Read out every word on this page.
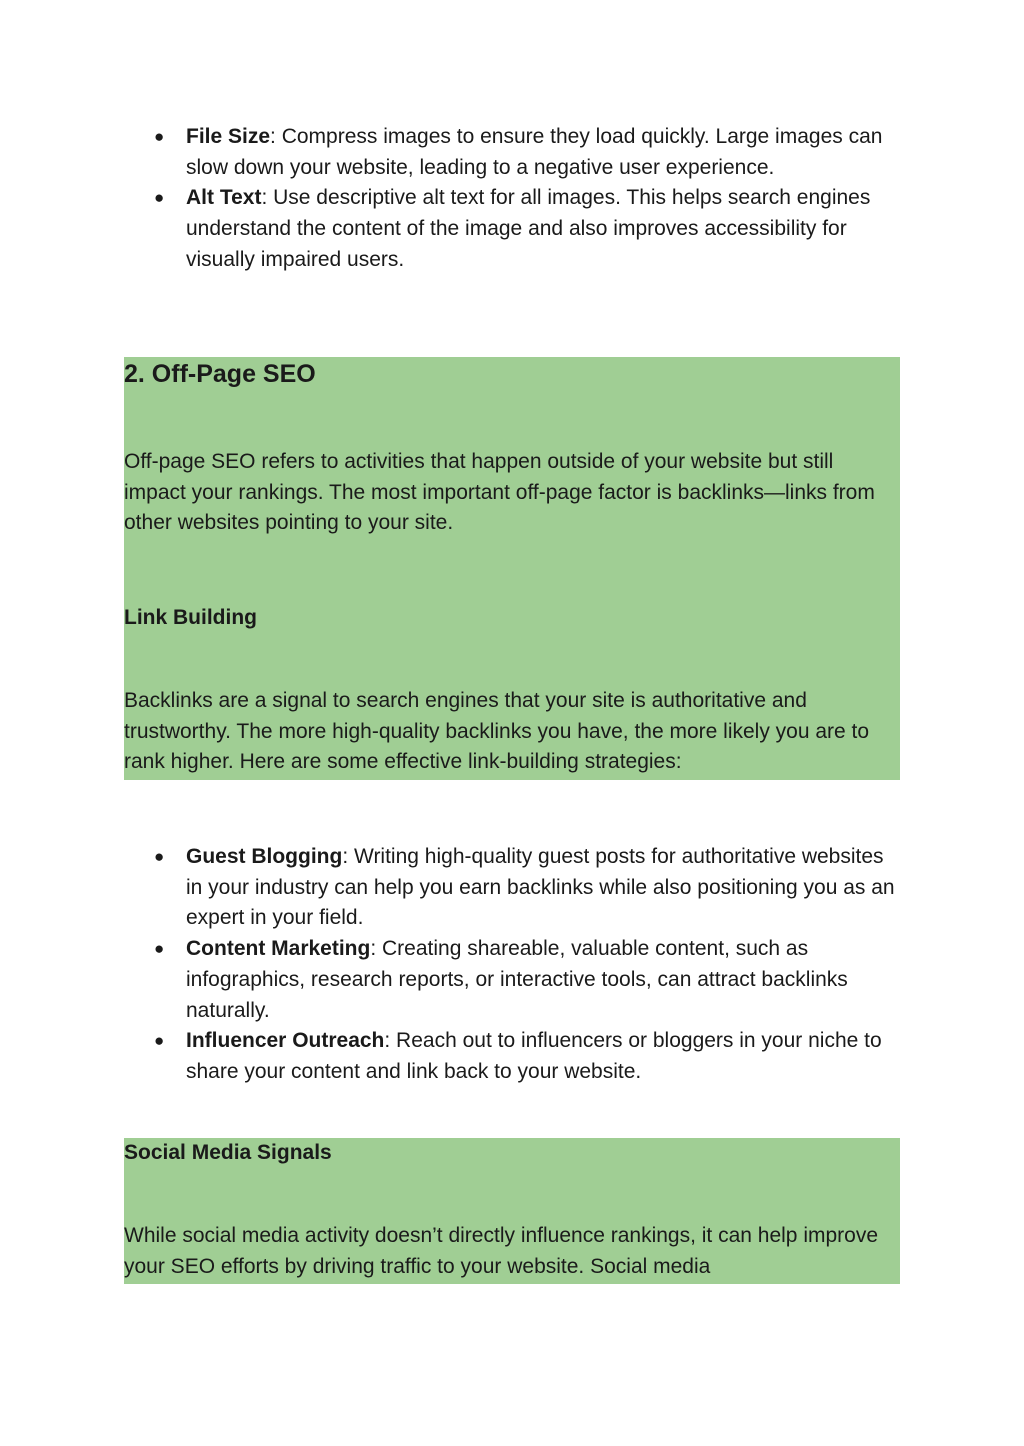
● File Size: Compress images to ensure they load quickly. Large images can slow down your website, leading to a negative user experience.
● Alt Text: Use descriptive alt text for all images. This helps search engines understand the content of the image and also improves accessibility for visually impaired users.
2. Off-Page SEO

Off-page SEO refers to activities that happen outside of your website but still impact your rankings. The most important off-page factor is backlinks—links from other websites pointing to your site.

Link Building

Backlinks are a signal to search engines that your site is authoritative and trustworthy. The more high-quality backlinks you have, the more likely you are to rank higher. Here are some effective link-building strategies:

● Guest Blogging: Writing high-quality guest posts for authoritative websites in your industry can help you earn backlinks while also positioning you as an expert in your field.
● Content Marketing: Creating shareable, valuable content, such as infographics, research reports, or interactive tools, can attract backlinks naturally.
● Influencer Outreach: Reach out to influencers or bloggers in your niche to share your content and link back to your website.
Social Media Signals

While social media activity doesn’t directly influence rankings, it can help improve your SEO efforts by driving traffic to your website. Social media
